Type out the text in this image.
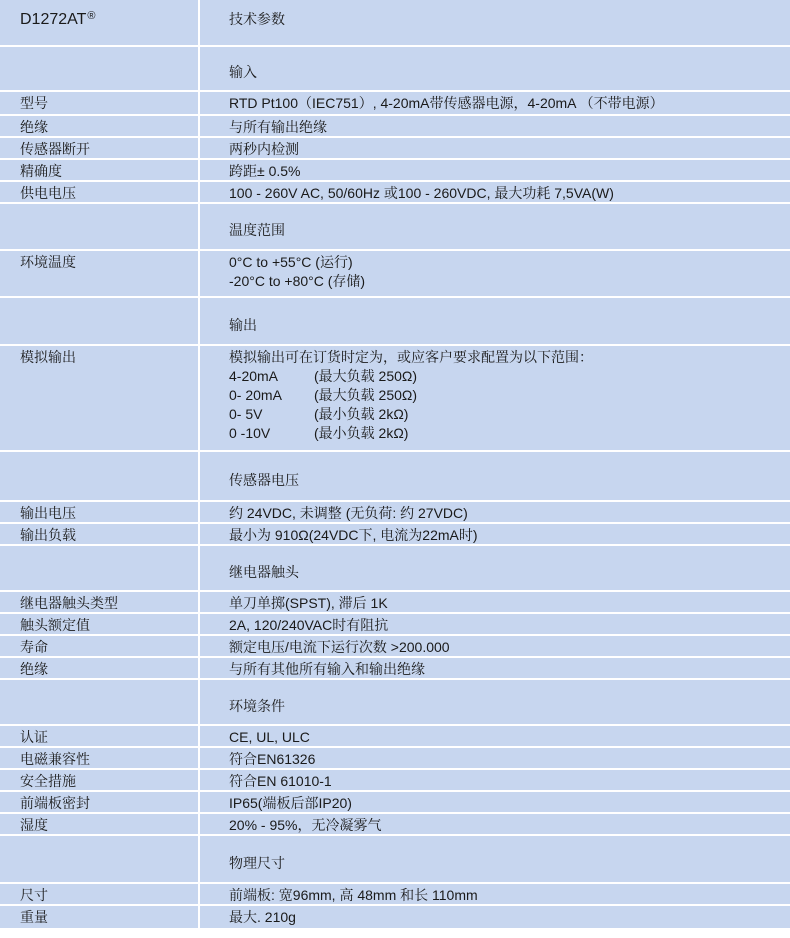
D1272AT®	技术参数
输入
型号	RTD Pt100（IEC751）, 4-20mA带传感器电源，4-20mA （不带电源）
绝缘	与所有输出绝缘
传感器断开	两秒内检测
精确度	跨距± 0.5%
供电电压	100 - 260V AC, 50/60Hz 或100 - 260VDC, 最大功耗 7,5VA(W)
温度范围
环境温度	0°C to +55°C (运行)
-20°C to +80°C (存储)
输出
模拟输出	模拟输出可在订货时定为，或应客户要求配置为以下范围：
4-20mA	(最大负载 250Ω)
0- 20mA	(最大负载 250Ω)
0- 5V	(最小负载 2kΩ)
0 -10V	(最小负载 2kΩ)
传感器电压
输出电压	约 24VDC, 未调整 (无负荷: 约 27VDC)
输出负载	最小为 910Ω(24VDC下, 电流为22mA时)
继电器触头
继电器触头类型	单刀单掷(SPST), 滞后 1K
触头额定值	2A, 120/240VAC时有阻抗
寿命	额定电压/电流下运行次数 >200.000
绝缘	与所有其他所有输入和输出绝缘
环境条件
认证	CE, UL, ULC
电磁兼容性	符合EN61326
安全措施	符合EN 61010-1
前端板密封	IP65(端板后部IP20)
湿度	20% - 95%，无冷凝雾气
物理尺寸
尺寸	前端板: 宽96mm, 高 48mm 和长 110mm
重量	最大. 210g
